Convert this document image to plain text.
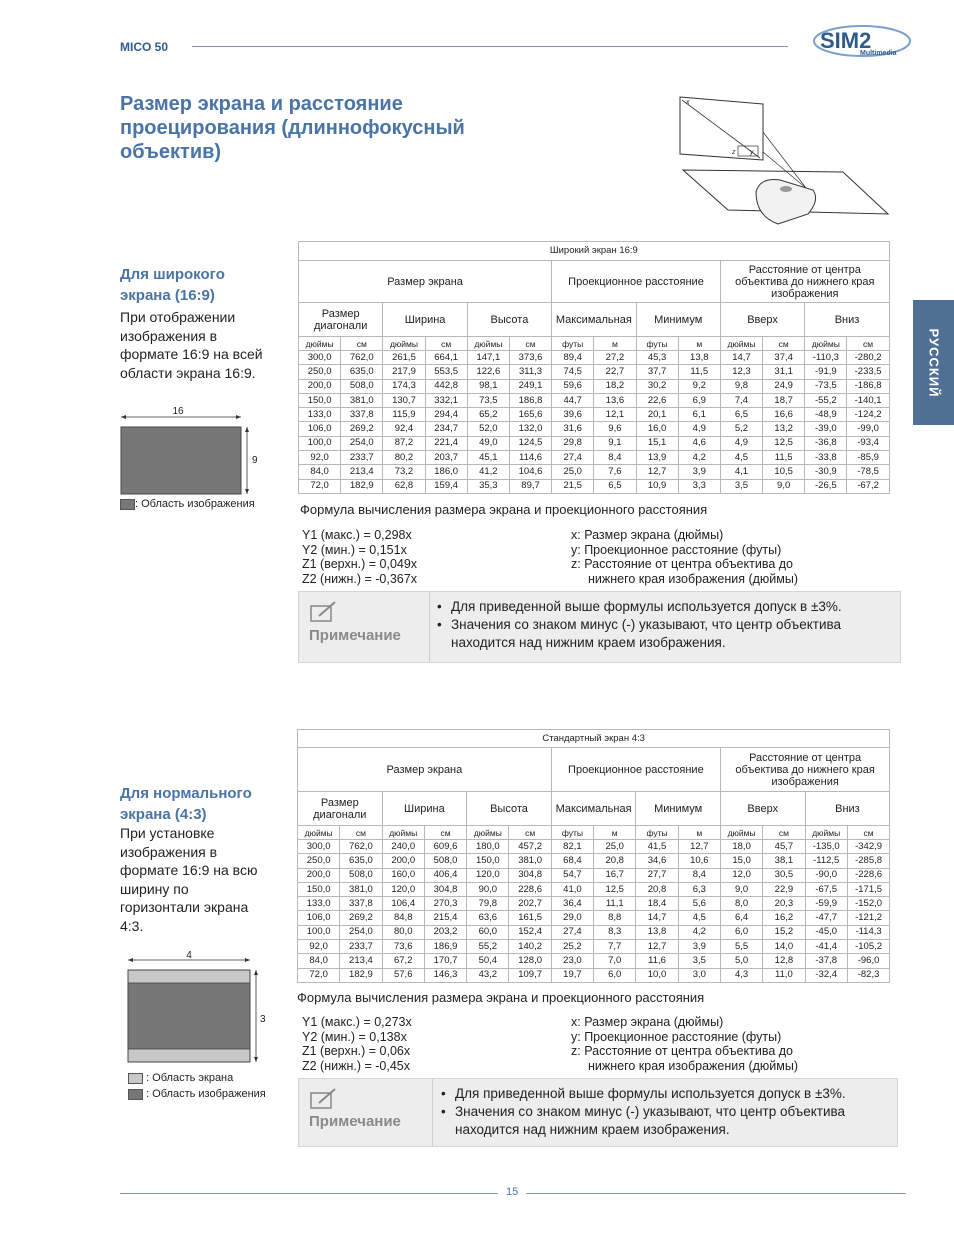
MICO 50	SIM2
Multimedia
Размер экрана и расстояние проецирования (длиннофокусный объектив)
x
z y
РУССКИЙ
Для широкого экрана (16:9)
При отображении изображения в формате 16:9 на всей области экрана 16:9.
16
9
: Область изображения
Широкий экран 16:9													
Размер экрана						Проекционное расстояние				Расстояние от центра объектива до нижнего края изображения			
Размер диагонали		Ширина		Высота		Максимальная		Минимум		Вверх		Вниз	
дюймы	см	дюймы	см	дюймы	см	футы	м	футы	м	дюймы	см	дюймы	см
300,0	762,0	261,5	664,1	147,1	373,6	89,4	27,2	45,3	13,8	14,7	37,4	-110,3	-280,2
250,0	635,0	217,9	553,5	122,6	311,3	74,5	22,7	37,7	11,5	12,3	31,1	-91,9	-233,5
200,0	508,0	174,3	442,8	98,1	249,1	59,6	18,2	30,2	9,2	9,8	24,9	-73,5	-186,8
150,0	381,0	130,7	332,1	73,5	186,8	44,7	13,6	22,6	6,9	7,4	18,7	-55,2	-140,1
133,0	337,8	115,9	294,4	65,2	165,6	39,6	12,1	20,1	6,1	6,5	16,6	-48,9	-124,2
106,0	269,2	92,4	234,7	52,0	132,0	31,6	9,6	16,0	4,9	5,2	13,2	-39,0	-99,0
100,0	254,0	87,2	221,4	49,0	124,5	29,8	9,1	15,1	4,6	4,9	12,5	-36,8	-93,4
92,0	233,7	80,2	203,7	45,1	114,6	27,4	8,4	13,9	4,2	4,5	11,5	-33,8	-85,9
84,0	213,4	73,2	186,0	41,2	104,6	25,0	7,6	12,7	3,9	4,1	10,5	-30,9	-78,5
72,0	182,9	62,8	159,4	35,3	89,7	21,5	6,5	10,9	3,3	3,5	9,0	-26,5	-67,2
Формула вычисления размера экрана и проекционного расстояния
Y1 (макс.) = 0,298x
Y2 (мин.) = 0,151x
Z1 (верхн.) = 0,049x
Z2 (нижн.) = -0,367x
x: Размер экрана (дюймы)
y: Проекционное расстояние (футы)
z: Расстояние от центра объектива до
нижнего края изображения (дюймы)
Примечание
• Для приведенной выше формулы используется допуск в ±3%.
• Значения со знаком минус (-) указывают, что центр объектива находится над нижним краем изображения.
Для нормального экрана (4:3)
При установке изображения в формате 16:9 на всю ширину по горизонтали экрана 4:3.
4
3
: Область экрана
: Область изображения
Стандартный экран 4:3													
Размер экрана						Проекционное расстояние				Расстояние от центра объектива до нижнего края изображения			
Размер диагонали		Ширина		Высота		Максимальная		Минимум		Вверх		Вниз	
дюймы	см	дюймы	см	дюймы	см	футы	м	футы	м	дюймы	см	дюймы	см
300,0	762,0	240,0	609,6	180,0	457,2	82,1	25,0	41,5	12,7	18,0	45,7	-135,0	-342,9
250,0	635,0	200,0	508,0	150,0	381,0	68,4	20,8	34,6	10,6	15,0	38,1	-112,5	-285,8
200,0	508,0	160,0	406,4	120,0	304,8	54,7	16,7	27,7	8,4	12,0	30,5	-90,0	-228,6
150,0	381,0	120,0	304,8	90,0	228,6	41,0	12,5	20,8	6,3	9,0	22,9	-67,5	-171,5
133,0	337,8	106,4	270,3	79,8	202,7	36,4	11,1	18,4	5,6	8,0	20,3	-59,9	-152,0
106,0	269,2	84,8	215,4	63,6	161,5	29,0	8,8	14,7	4,5	6,4	16,2	-47,7	-121,2
100,0	254,0	80,0	203,2	60,0	152,4	27,4	8,3	13,8	4,2	6,0	15,2	-45,0	-114,3
92,0	233,7	73,6	186,9	55,2	140,2	25,2	7,7	12,7	3,9	5,5	14,0	-41,4	-105,2
84,0	213,4	67,2	170,7	50,4	128,0	23,0	7,0	11,6	3,5	5,0	12,8	-37,8	-96,0
72,0	182,9	57,6	146,3	43,2	109,7	19,7	6,0	10,0	3,0	4,3	11,0	-32,4	-82,3
Формула вычисления размера экрана и проекционного расстояния
Y1 (макс.) = 0,273x
Y2 (мин.) = 0,138x
Z1 (верхн.) = 0,06x
Z2 (нижн.) = -0,45x
x: Размер экрана (дюймы)
y: Проекционное расстояние (футы)
z: Расстояние от центра объектива до
нижнего края изображения (дюймы)
Примечание
• Для приведенной выше формулы используется допуск в ±3%.
• Значения со знаком минус (-) указывают, что центр объектива находится над нижним краем изображения.
15
